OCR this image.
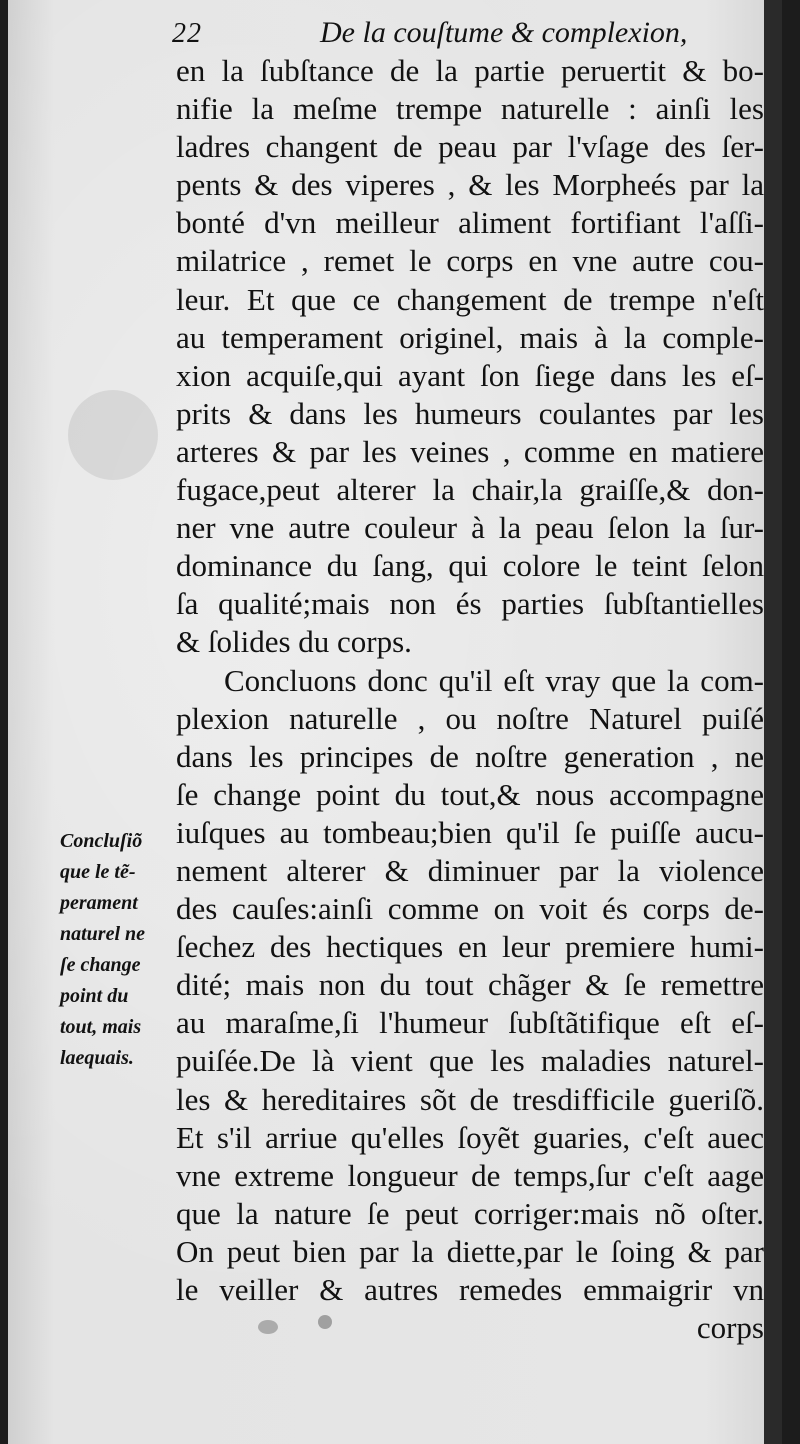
22	De la couſtume & complexion,
en la ſubſtance de la partie peruertit & bo-
nifie la meſme trempe naturelle : ainſi les
ladres changent de peau par l'vſage des ſer-
pents & des viperes , & les Morpheés par la
bonté d'vn meilleur aliment fortifiant l'aſſi-
milatrice , remet le corps en vne autre cou-
leur. Et que ce changement de trempe n'eſt
au temperament originel, mais à la comple-
xion acquiſe,qui ayant ſon ſiege dans les eſ-
prits & dans les humeurs coulantes par les
arteres & par les veines , comme en matiere
fugace,peut alterer la chair,la graiſſe,& don-
ner vne autre couleur à la peau ſelon la ſur-
dominance du ſang, qui colore le teint ſelon
ſa qualité;mais non és parties ſubſtantielles
& ſolides du corps.
Concluons donc qu'il eſt vray que la com-
plexion naturelle , ou noſtre Naturel puiſé
dans les principes de noſtre generation , ne
ſe change point du tout,& nous accompagne
iuſques au tombeau;bien qu'il ſe puiſſe aucu-
nement alterer & diminuer par la violence
des cauſes:ainſi comme on voit és corps de-
ſechez des hectiques en leur premiere humi-
dité; mais non du tout chãger & ſe remettre
au maraſme,ſi l'humeur ſubſtãtifique eſt eſ-
puiſée.De là vient que les maladies naturel-
les & hereditaires sõt de tresdifficile gueriſõ.
Et s'il arriue qu'elles ſoyẽt guaries, c'eſt auec
vne extreme longueur de temps,ſur c'eſt aage
que la nature ſe peut corriger:mais nõ oſter.
On peut bien par la diette,par le ſoing & par
le veiller & autres remedes emmaigrir vn
corps
Concluſiõ
que le tẽ-
perament
naturel ne
ſe change
point du
tout, mais
laequais.
